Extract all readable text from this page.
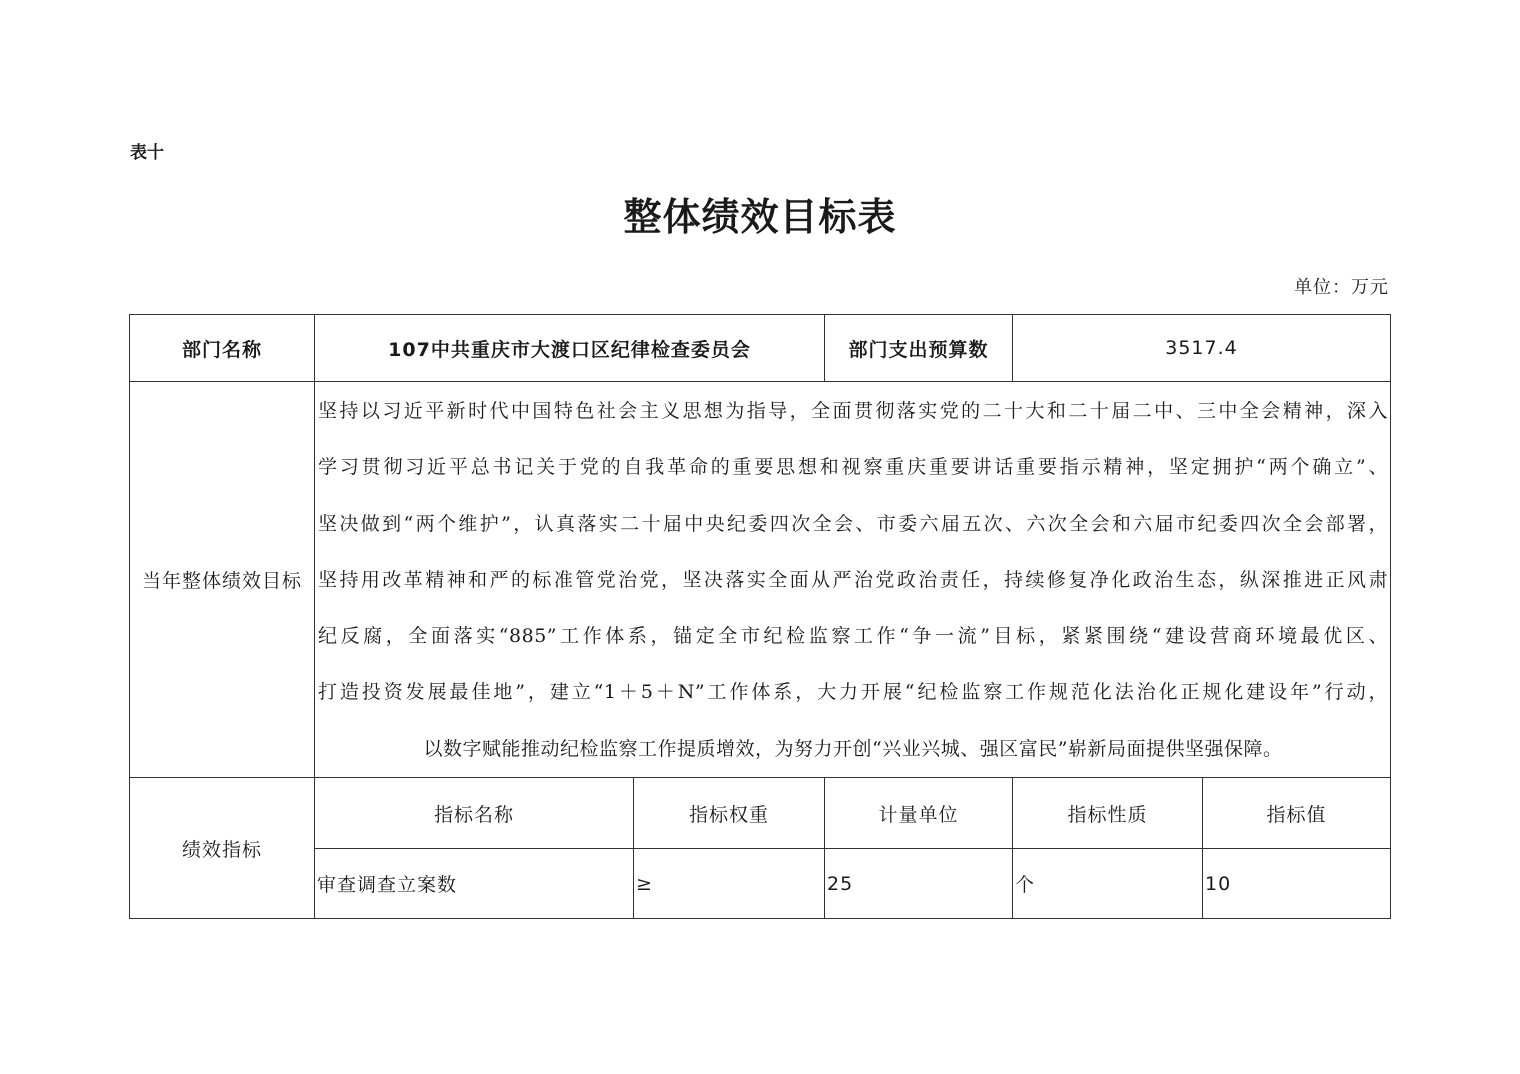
表十
整体绩效目标表
单位：万元
部门名称	107中共重庆市大渡口区纪律检查委员会	部门支出预算数	3517.4
当年整体绩效目标
坚持以习近平新时代中国特色社会主义思想为指导，全面贯彻落实党的二十大和二十届二中、三中全会精神，深入
学习贯彻习近平总书记关于党的自我革命的重要思想和视察重庆重要讲话重要指示精神，坚定拥护“两个确立”、
坚决做到“两个维护”，认真落实二十届中央纪委四次全会、市委六届五次、六次全会和六届市纪委四次全会部署，
坚持用改革精神和严的标准管党治党，坚决落实全面从严治党政治责任，持续修复净化政治生态，纵深推进正风肃
纪反腐，全面落实“885”工作体系，锚定全市纪检监察工作“争一流”目标，紧紧围绕“建设营商环境最优区、
打造投资发展最佳地”，建立“1＋5＋N”工作体系，大力开展“纪检监察工作规范化法治化正规化建设年”行动，
以数字赋能推动纪检监察工作提质增效，为努力开创“兴业兴城、强区富民”崭新局面提供坚强保障。
绩效指标
指标名称	指标权重	计量单位	指标性质	指标值
审查调查立案数	≥	25	个	10
